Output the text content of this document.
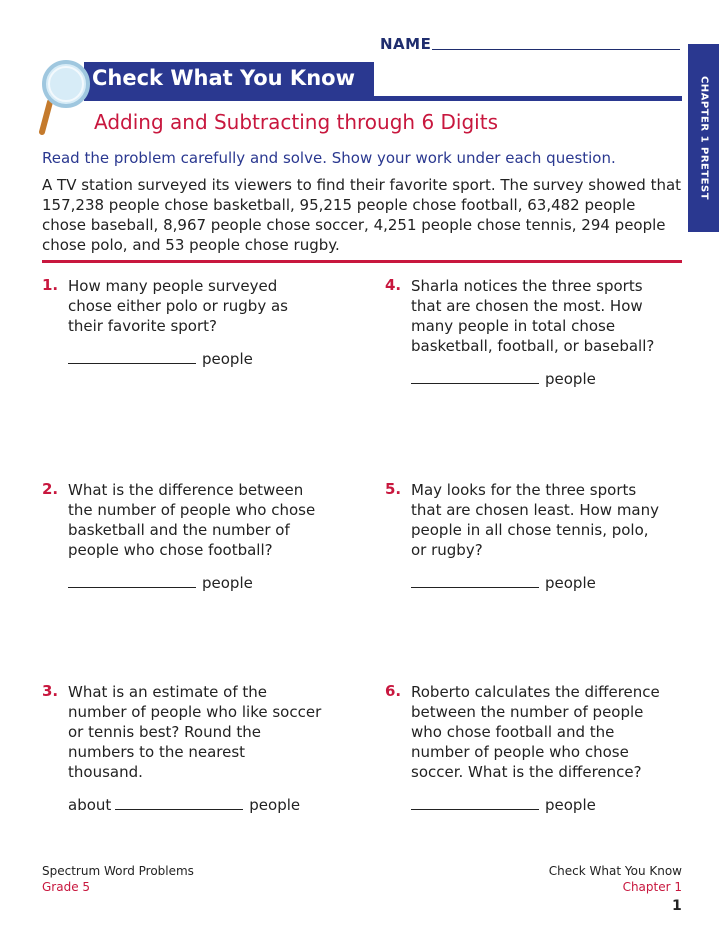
NAME
Check What You Know
Adding and Subtracting through 6 Digits	CHAPTER 1 PRETEST
Read the problem carefully and solve. Show your work under each question.
A TV station surveyed its viewers to find their favorite sport. The survey showed that 157,238 people chose basketball, 95,215 people chose football, 63,482 people chose baseball, 8,967 people chose soccer, 4,251 people chose tennis, 294 people chose polo, and 53 people chose rugby.
1. How many people surveyed chose either polo or rugby as their favorite sport?
people
2. What is the difference between the number of people who chose basketball and the number of people who chose football?
people
3. What is an estimate of the number of people who like soccer or tennis best? Round the numbers to the nearest thousand.
about	people
4. Sharla notices the three sports that are chosen the most. How many people in total chose basketball, football, or baseball?
people
5. May looks for the three sports that are chosen least. How many people in all chose tennis, polo, or rugby?
people
6. Roberto calculates the difference between the number of people who chose football and the number of people who chose soccer. What is the difference?
people
Spectrum Word Problems
Grade 5
Check What You Know
Chapter 1
1
